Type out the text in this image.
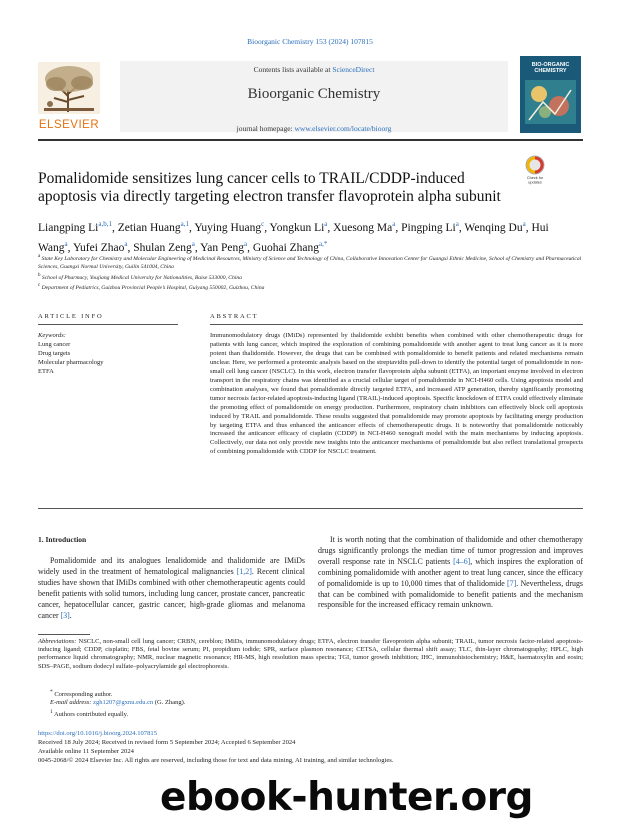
Bioorganic Chemistry 153 (2024) 107815
ELSEVIER
Contents lists available at ScienceDirect
Bioorganic Chemistry
journal homepage: www.elsevier.com/locate/bioorg
BIO-ORGANIC
CHEMISTRY
Pomalidomide sensitizes lung cancer cells to TRAIL/CDDP-induced apoptosis via directly targeting electron transfer flavoprotein alpha subunit
Check for
updates
Liangping Li$^{a,b,1}$, Zetian Huang$^{a,1}$, Yuying Huang$^c$, Yongkun Li$^a$, Xuesong Ma$^a$, Pingping Li$^a$, Wenqing Du$^a$, Hui Wang$^a$, Yufei Zhao$^a$, Shulan Zeng$^a$, Yan Peng$^a$, Guohai Zhang$^{a,*}$
$^a$ State Key Laboratory for Chemistry and Molecular Engineering of Medicinal Resources, Ministry of Science and Technology of China, Collaborative Innovation Center for Guangxi Ethnic Medicine, School of Chemistry and Pharmaceutical Sciences, Guangxi Normal University, Guilin 541004, China
$^b$ School of Pharmacy, Youjiang Medical University for Nationalities, Baise 533000, China
$^c$ Department of Pediatrics, Guizhou Provincial People’s Hospital, Guiyang 550002, Guizhou, China
ARTICLE INFO	ABSTRACT
Keywords:
Lung cancer
Drug targets
Molecular pharmacology
ETFA
Immunomodulatory drugs (IMiDs) represented by thalidomide exhibit benefits when combined with other chemotherapeutic drugs for patients with lung cancer, which inspired the exploration of combining pomalidomide with another agent to treat lung cancer as it is more potent than thalidomide. However, the drugs that can be combined with pomalidomide to benefit patients and related mechanisms remain unclear. Here, we performed a proteomic analysis based on the streptavidin pull-down to identify the potential target of pomalidomide in non-small cell lung cancer (NSCLC). In this work, electron transfer flavoprotein alpha subunit (ETFA), an important enzyme involved in electron transport in the respiratory chains was identified as a crucial cellular target of pomalidomide in NCI-H460 cells. Using apoptosis model and combination analyses, we found that pomalidomide directly targeted ETFA, and increased ATP generation, thereby significantly promoting tumor necrosis factor-related apoptosis-inducing ligand (TRAIL)-induced apoptosis. Specific knockdown of ETFA could effectively eliminate the promoting effect of pomalidomide on energy production. Furthermore, respiratory chain inhibitors can effectively block cell apoptosis induced by TRAIL and pomalidomide. These results suggested that pomalidomide may promote apoptosis by facilitating energy production by targeting ETFA and thus enhanced the anticancer effects of chemotherapeutic drugs. It is noteworthy that pomalidomide noticeably increased the anticancer efficacy of cisplatin (CDDP) in NCI-H460 xenograft model with the main mechanisms by inducing apoptosis. Collectively, our data not only provide new insights into the anticancer mechanisms of pomalidomide but also reflect translational prospects of combining pomalidomide with CDDP for NSCLC treatment.
1. Introduction
Pomalidomide and its analogues lenalidomide and thalidomide are IMiDs widely used in the treatment of hematological malignancies [1,2]. Recent clinical studies have shown that IMiDs combined with other chemotherapeutic agents could benefit patients with solid tumors, including lung cancer, prostate cancer, pancreatic cancer, hepatocellular cancer, gastric cancer, high-grade gliomas and melanoma cancer [3].
It is worth noting that the combination of thalidomide and other chemotherapy drugs significantly prolongs the median time of tumor progression and improves overall response rate in NSCLC patients [4–6], which inspires the exploration of combining pomalidomide with another agent to treat lung cancer, since the efficacy of pomalidomide is up to 10,000 times that of thalidomide [7]. Nevertheless, drugs that can be combined with pomalidomide to benefit patients and the mechanism responsible for the increased efficacy remain unknown.
Abbreviations: NSCLC, non-small cell lung cancer; CRBN, cereblon; IMiDs, immunomodulatory drugs; ETFA, electron transfer flavoprotein alpha subunit; TRAIL, tumor necrosis factor-related apoptosis-inducing ligand; CDDP, cisplatin; FBS, fetal bovine serum; PI, propidium iodide; SPR, surface plasmon resonance; CETSA, cellular thermal shift assay; TLC, thin-layer chromatography; HPLC, high performance liquid chromatography; NMR, nuclear magnetic resonance; HR-MS, high resolution mass spectra; TGI, tumor growth inhibition; IHC, immunohistochemistry; H&E, haematoxylin and eosin; SDS–PAGE, sodium dodecyl sulfate–polyacrylamide gel electrophoresis.
* Corresponding author.
E-mail address: zgh1207@gxnu.edu.cn (G. Zhang).
$^1$ Authors contributed equally.
https://doi.org/10.1016/j.bioorg.2024.107815
Received 18 July 2024; Received in revised form 5 September 2024; Accepted 6 September 2024
Available online 11 September 2024
0045-2068/© 2024 Elsevier Inc. All rights are reserved, including those for text and data mining, AI training, and similar technologies.
ebook-hunter.org
